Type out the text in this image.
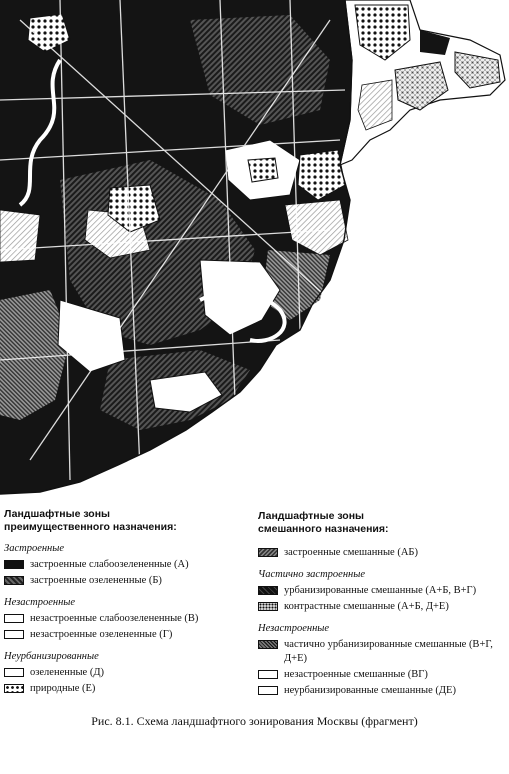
Ландшафтные зоны
преимущественного назначения:
Застроенные
застроенные слабоозелененные (А)
застроенные озелененные (Б)
Незастроенные
незастроенные слабоозелененные (В)
незастроенные озелененные (Г)
Неурбанизированные
озелененные (Д)
природные (Е)
Ландшафтные зоны
смешанного назначения:
застроенные смешанные (АБ)
Частично застроенные
урбанизированные смешанные (А+Б, В+Г)
контрастные смешанные (А+Б, Д+Е)
Незастроенные
частично урбанизированные смешанные (В+Г, Д+Е)
незастроенные смешанные (ВГ)
неурбанизированные смешанные (ДЕ)
Рис. 8.1. Схема ландшафтного зонирования Москвы (фрагмент)
